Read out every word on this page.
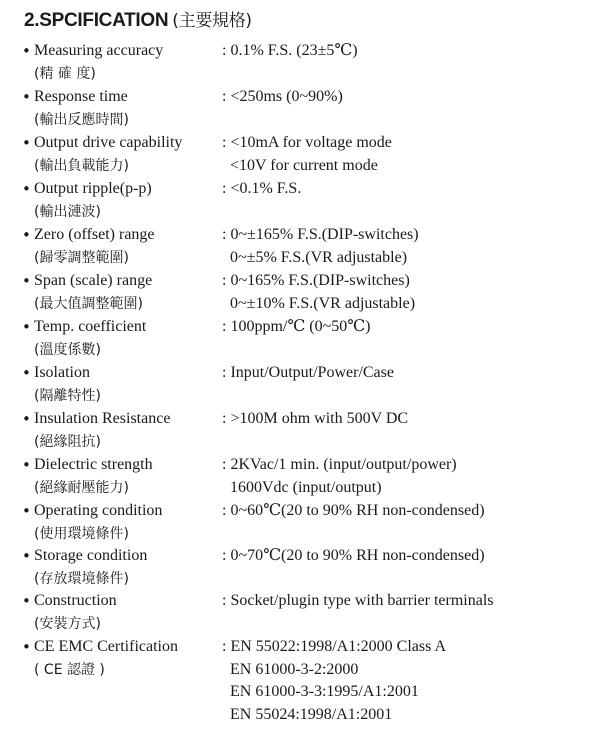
2.SPCIFICATION (主要規格)
• Measuring accuracy
(精 確 度)
: 0.1% F.S. (23±5℃)
• Response time
(輸出反應時間)
: <250ms (0~90%)
• Output drive capability
(輸出負載能力)
: <10mA for voltage mode
<10V for current mode
• Output ripple(p-p)
(輸出漣波)
: <0.1% F.S.
• Zero (offset) range
(歸零調整範圍)
: 0~±165% F.S.(DIP-switches)
0~±5% F.S.(VR adjustable)
• Span (scale) range
(最大值調整範圍)
: 0~165% F.S.(DIP-switches)
0~±10% F.S.(VR adjustable)
• Temp. coefficient
(溫度係數)
: 100ppm/℃ (0~50℃)
• Isolation
(隔離特性)
: Input/Output/Power/Case
• Insulation Resistance
(絕緣阻抗)
: >100M ohm with 500V DC
• Dielectric strength
(絕緣耐壓能力)
: 2KVac/1 min. (input/output/power)
1600Vdc (input/output)
• Operating condition
(使用環境條件)
: 0~60℃(20 to 90% RH non-condensed)
• Storage condition
(存放環境條件)
: 0~70℃(20 to 90% RH non-condensed)
• Construction
(安裝方式)
: Socket/plugin type with barrier terminals
• CE EMC Certification
( CE 認證 )
: EN 55022:1998/A1:2000 Class A
EN 61000-3-2:2000
EN 61000-3-3:1995/A1:2001
EN 55024:1998/A1:2001
